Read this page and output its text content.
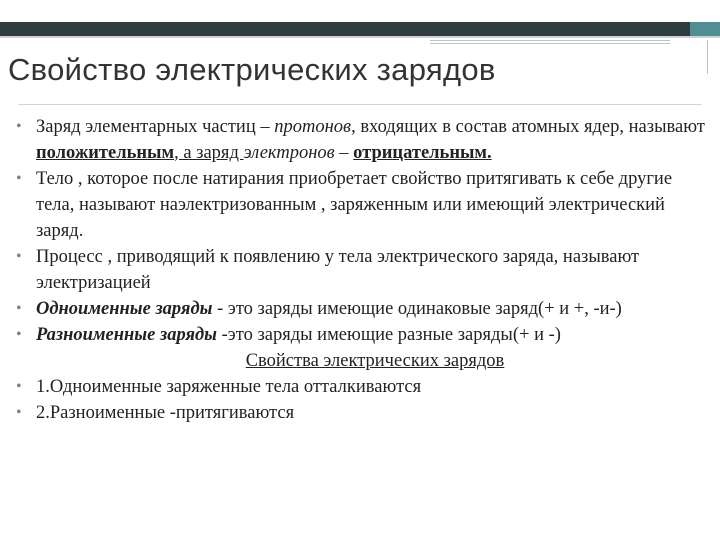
Свойство электрических зарядов
• Заряд элементарных частиц – протонов, входящих в состав атомных ядер, называют положительным, а заряд электронов – отрицательным.
• Тело , которое после натирания приобретает свойство притягивать к себе другие тела, называют наэлектризованным , заряженным или имеющий электрический заряд.
• Процесс , приводящий к появлению у тела электрического заряда, называют электризацией
• Одноименные заряды - это заряды имеющие одинаковые заряд(+ и +, -и-)
• Разноименные заряды -это заряды имеющие разные заряды(+ и -)
Свойства электрических зарядов
• 1.Одноименные заряженные тела отталкиваются
• 2.Разноименные -притягиваются
